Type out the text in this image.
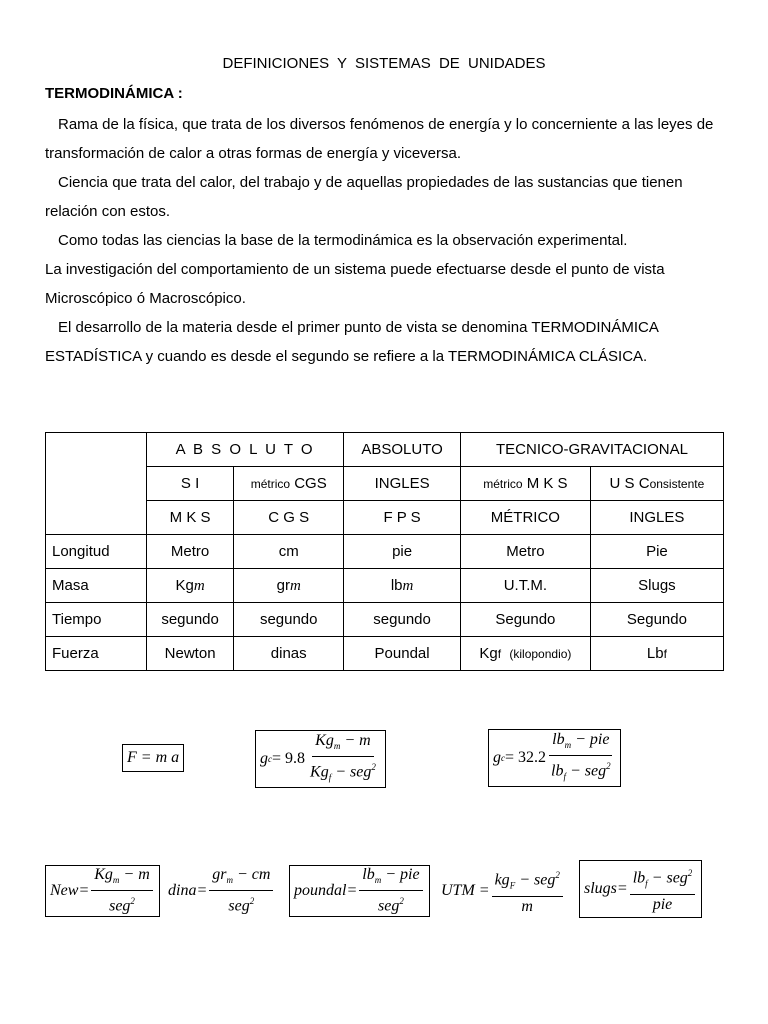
DEFINICIONES Y SISTEMAS DE UNIDADES
TERMODINÁMICA :

Rama de la física, que trata de los diversos fenómenos de energía y lo concerniente a las leyes de transformación de calor a otras formas de energía y viceversa.

Ciencia que trata del calor, del trabajo y de aquellas propiedades de las sustancias que tienen relación con estos.

Como todas las ciencias la base de la termodinámica es la observación experimental.

La investigación del comportamiento de un sistema puede efectuarse desde el punto de vista Microscópico ó Macroscópico.

El desarrollo de la materia desde el primer punto de vista se denomina TERMODINÁMICA ESTADÍSTICA y cuando es desde el segundo se refiere a la TERMODINÁMICA CLÁSICA.

	A B S O L U T O		ABSOLUTO	TECNICO-GRAVITACIONAL	
	S I	métrico CGS	INGLES	métrico M K S	U S Consistente
	M K S	C G S	F P S	MÉTRICO	INGLES
Longitud	Metro	cm	pie	Metro	Pie
Masa	Kgm	grm	lbm	U.T.M.	Slugs
Tiempo	segundo	segundo	segundo	Segundo	Segundo
Fuerza	Newton	dinas	Poundal	Kgf (kilopondio)	Lbf
F = m a	g $c = 9.8 \frac{Kg_m - m}{Kg_f - seg^2}$	g $c = 32.2 \frac{lb_m - pie}{lb_f - seg^2}$
$New= \frac{Kg_m - m}{seg^2}$ dina= $\frac{gr_m - cm}{seg^2}$ poundal= $\frac{lb_m - pie}{seg^2}$ UTM = $\frac{kg_F - seg^2}{m}$ slugs= $\frac{lb_f - seg^2}{\text{pie}}$
